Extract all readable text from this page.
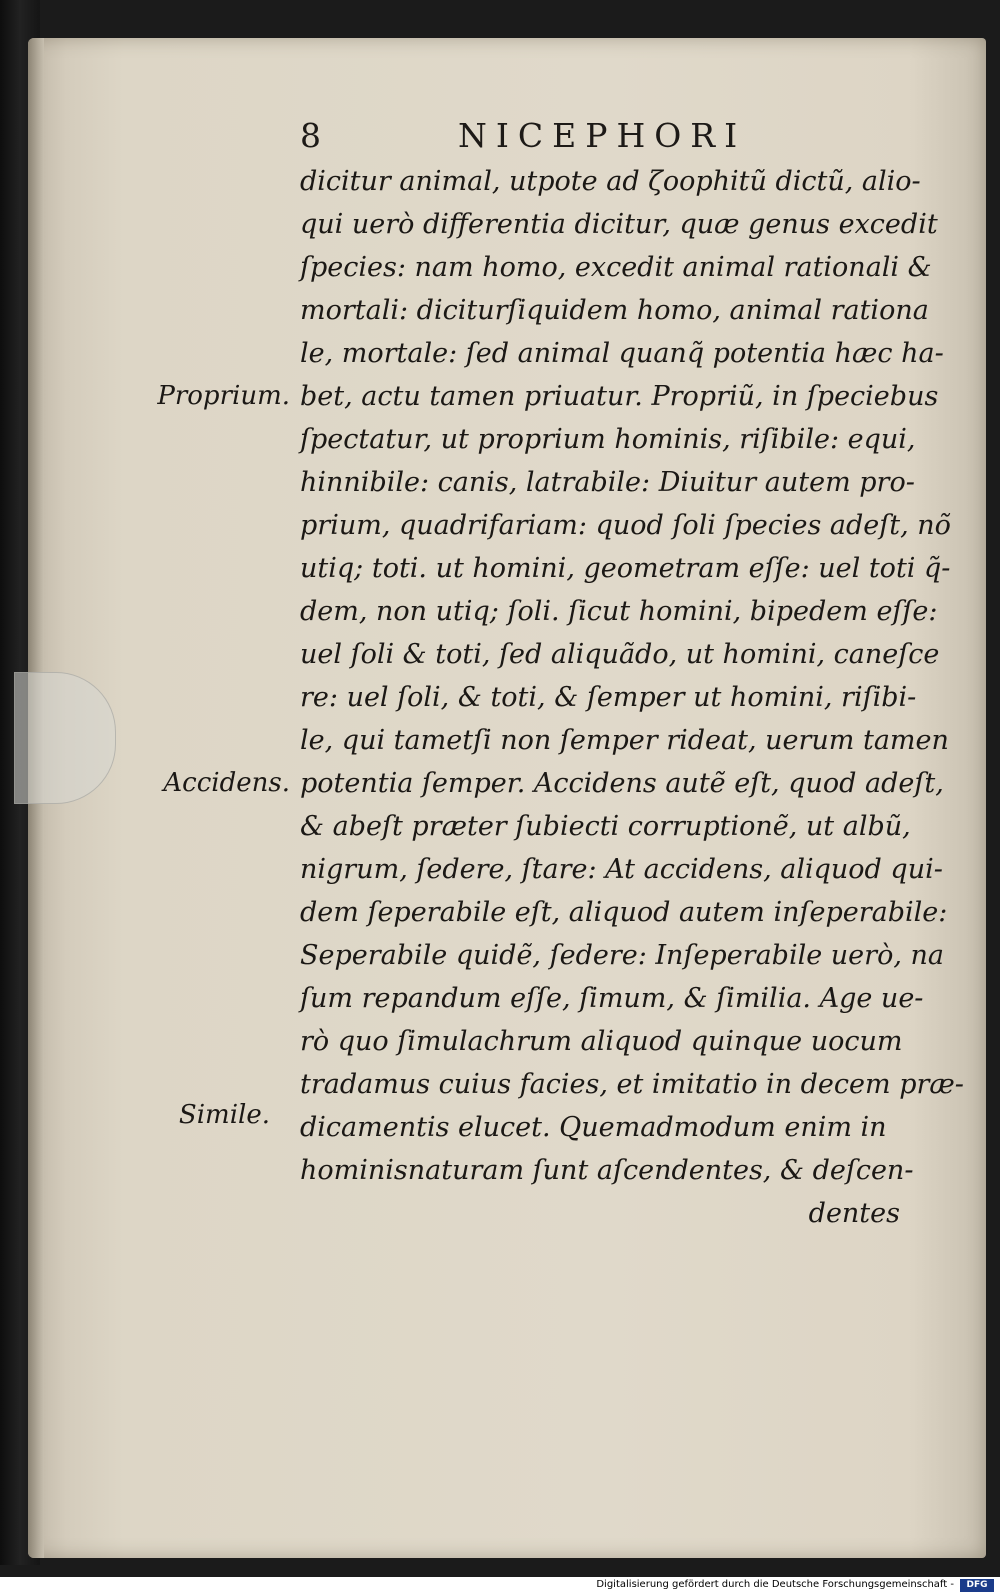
8	NICEPHORI
Proprium.
Accidens.
Simile.
dicitur animal, utpote ad ζoophitũ dictũ, alio-
qui uerò differentia dicitur, quæ genus excedit
ſpecies: nam homo, excedit animal rationali &
mortali: diciturſiquidem homo, animal rationa
le, mortale: ſed animal quanq̃ potentia hæc ha-
bet, actu tamen priuatur. Propriũ, in ſpeciebus
ſpectatur, ut proprium hominis, riſibile: equi,
hinnibile: canis, latrabile: Diuitur autem pro-
prium, quadrifariam: quod ſoli ſpecies adeſt, nõ
utiq; toti. ut homini, geometram eſſe: uel toti q̃-
dem, non utiq; ſoli. ſicut homini, bipedem eſſe:
uel ſoli & toti, ſed aliquãdo, ut homini, caneſce
re: uel ſoli, & toti, & ſemper ut homini, riſibi-
le, qui tametſi non ſemper rideat, uerum tamen
potentia ſemper. Accidens autẽ eſt, quod adeſt,
& abeſt præter ſubiecti corruptionẽ, ut albũ,
nigrum, ſedere, ſtare: At accidens, aliquod qui-
dem ſeperabile eſt, aliquod autem inſeperabile:
Seperabile quidẽ, ſedere: Inſeperabile uerò, na
ſum repandum eſſe, ſimum, & ſimilia. Age ue-
rò quo ſimulachrum aliquod quinque uocum
tradamus cuius facies, et imitatio in decem præ-
dicamentis elucet. Quemadmodum enim in
hominisnaturam ſunt aſcendentes, & deſcen-
dentes
Digitalisierung gefördert durch die Deutsche Forschungsgemeinschaft -	DFG
